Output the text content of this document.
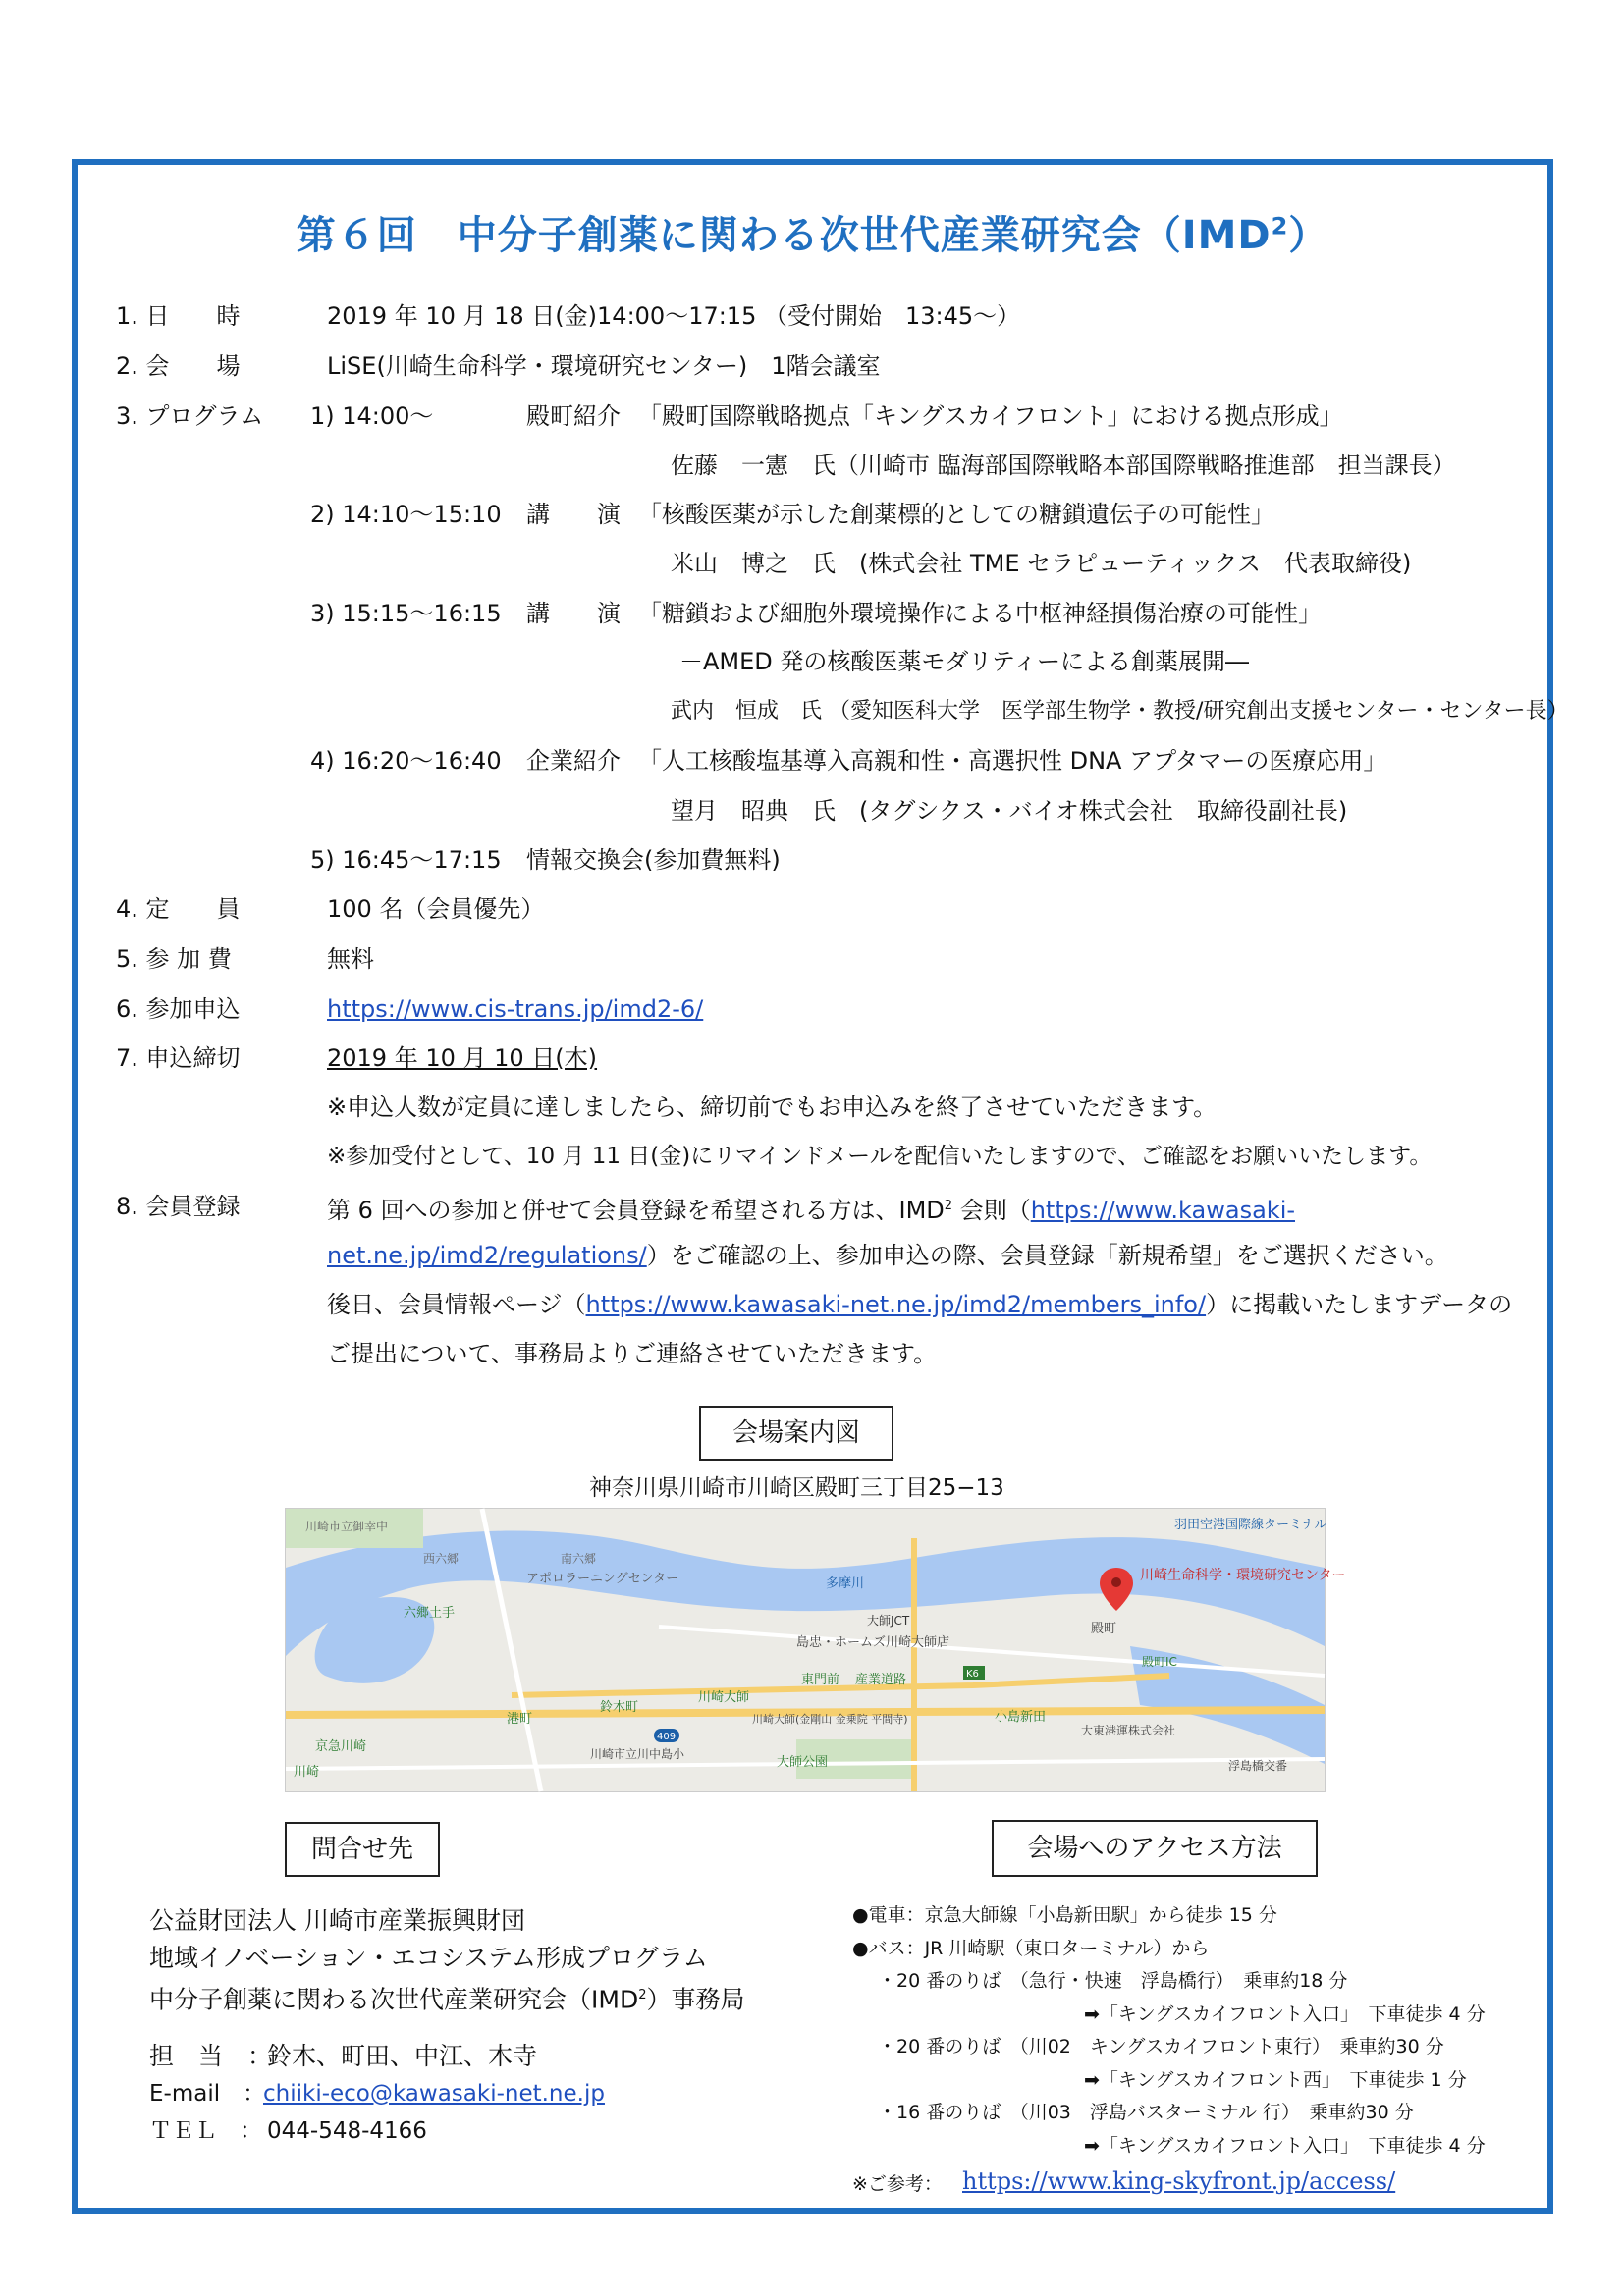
第６回　中分子創薬に関わる次世代産業研究会（IMD$^2$）
1. 日　　時	2019 年 10 月 18 日(金)14:00〜17:15 （受付開始　13:45〜）
2. 会　　場	LiSE(川崎生命科学・環境研究センター)　1階会議室
3. プログラム 1) 14:00〜	殿町紹介 「殿町国際戦略拠点「キングスカイフロント」における拠点形成」
佐藤　一憲　氏（川崎市 臨海部国際戦略本部国際戦略推進部　担当課長）
2) 14:10〜15:10 講　　演 「核酸医薬が示した創薬標的としての糖鎖遺伝子の可能性」
米山　博之　氏　(株式会社 TME セラピューティックス　代表取締役)
3) 15:15〜16:15 講　　演 「糖鎖および細胞外環境操作による中枢神経損傷治療の可能性」
－AMED 発の核酸医薬モダリティーによる創薬展開―
武内　恒成　氏 （愛知医科大学　医学部生物学・教授/研究創出支援センター・センター長）
4) 16:20〜16:40 企業紹介 「人工核酸塩基導入高親和性・高選択性 DNA アプタマーの医療応用」
望月　昭典　氏　(タグシクス・バイオ株式会社　取締役副社長)
5) 16:45〜17:15 情報交換会(参加費無料)
4. 定　　員	100 名（会員優先）
5. 参 加 費	無料
6. 参加申込	https://www.cis-trans.jp/imd2-6/
7. 申込締切	2019 年 10 月 10 日(木)
※申込人数が定員に達しましたら、締切前でもお申込みを終了させていただきます。
※参加受付として、10 月 11 日(金)にリマインドメールを配信いたしますので、ご確認をお願いいたします。
8. 会員登録	第 6 回への参加と併せて会員登録を希望される方は、IMD$^2$ 会則（https://www.kawasaki-
net.ne.jp/imd2/regulations/）をご確認の上、参加申込の際、会員登録「新規希望」をご選択ください。
後日、会員情報ページ（https://www.kawasaki-net.ne.jp/imd2/members_info/）に掲載いたしますデータの
ご提出について、事務局よりご連絡させていただきます。
会場案内図
神奈川県川崎市川崎区殿町三丁目25−13
川崎生命科学・環境研究センター
羽田空港国際線ターミナル
アポロラーニングセンター
島忠・ホームズ川崎大師店
大師JCT
東門前 産業道路
川崎大師
鈴木町
港町
京急川崎
川崎
小島新田
殿町
殿町IC
大東港運株式会社
六郷土手
多摩川
大師公園
川崎市立川中島小
南六郷
西六郷
川崎大師(金剛山 金乗院 平間寺)
K6
409
浮島橋交番
川崎市立御幸中
問合せ先
公益財団法人 川崎市産業振興財団
地域イノベーション・エコシステム形成プログラム
中分子創薬に関わる次世代産業研究会（IMD$^2$）事務局
担　当　：
鈴木、町田、中江、木寺
E-mail　：
chiiki-eco@kawasaki-net.ne.jp
ＴＥＬ　： 044-548-4166
会場へのアクセス方法
●電車：京急大師線「小島新田駅」から徒歩 15 分
●バス：JR 川崎駅（東口ターミナル）から
・20 番のりば　（急行・快速　浮島橋行）　乗車約18 分
➡「キングスカイフロント入口」　下車徒歩 4 分
・20 番のりば　（川02　キングスカイフロント東行）　乗車約30 分
➡「キングスカイフロント西」　下車徒歩 1 分
・16 番のりば　（川03　浮島バスターミナル 行）　乗車約30 分
➡「キングスカイフロント入口」　下車徒歩 4 分
※ご参考： https://www.king-skyfront.jp/access/
